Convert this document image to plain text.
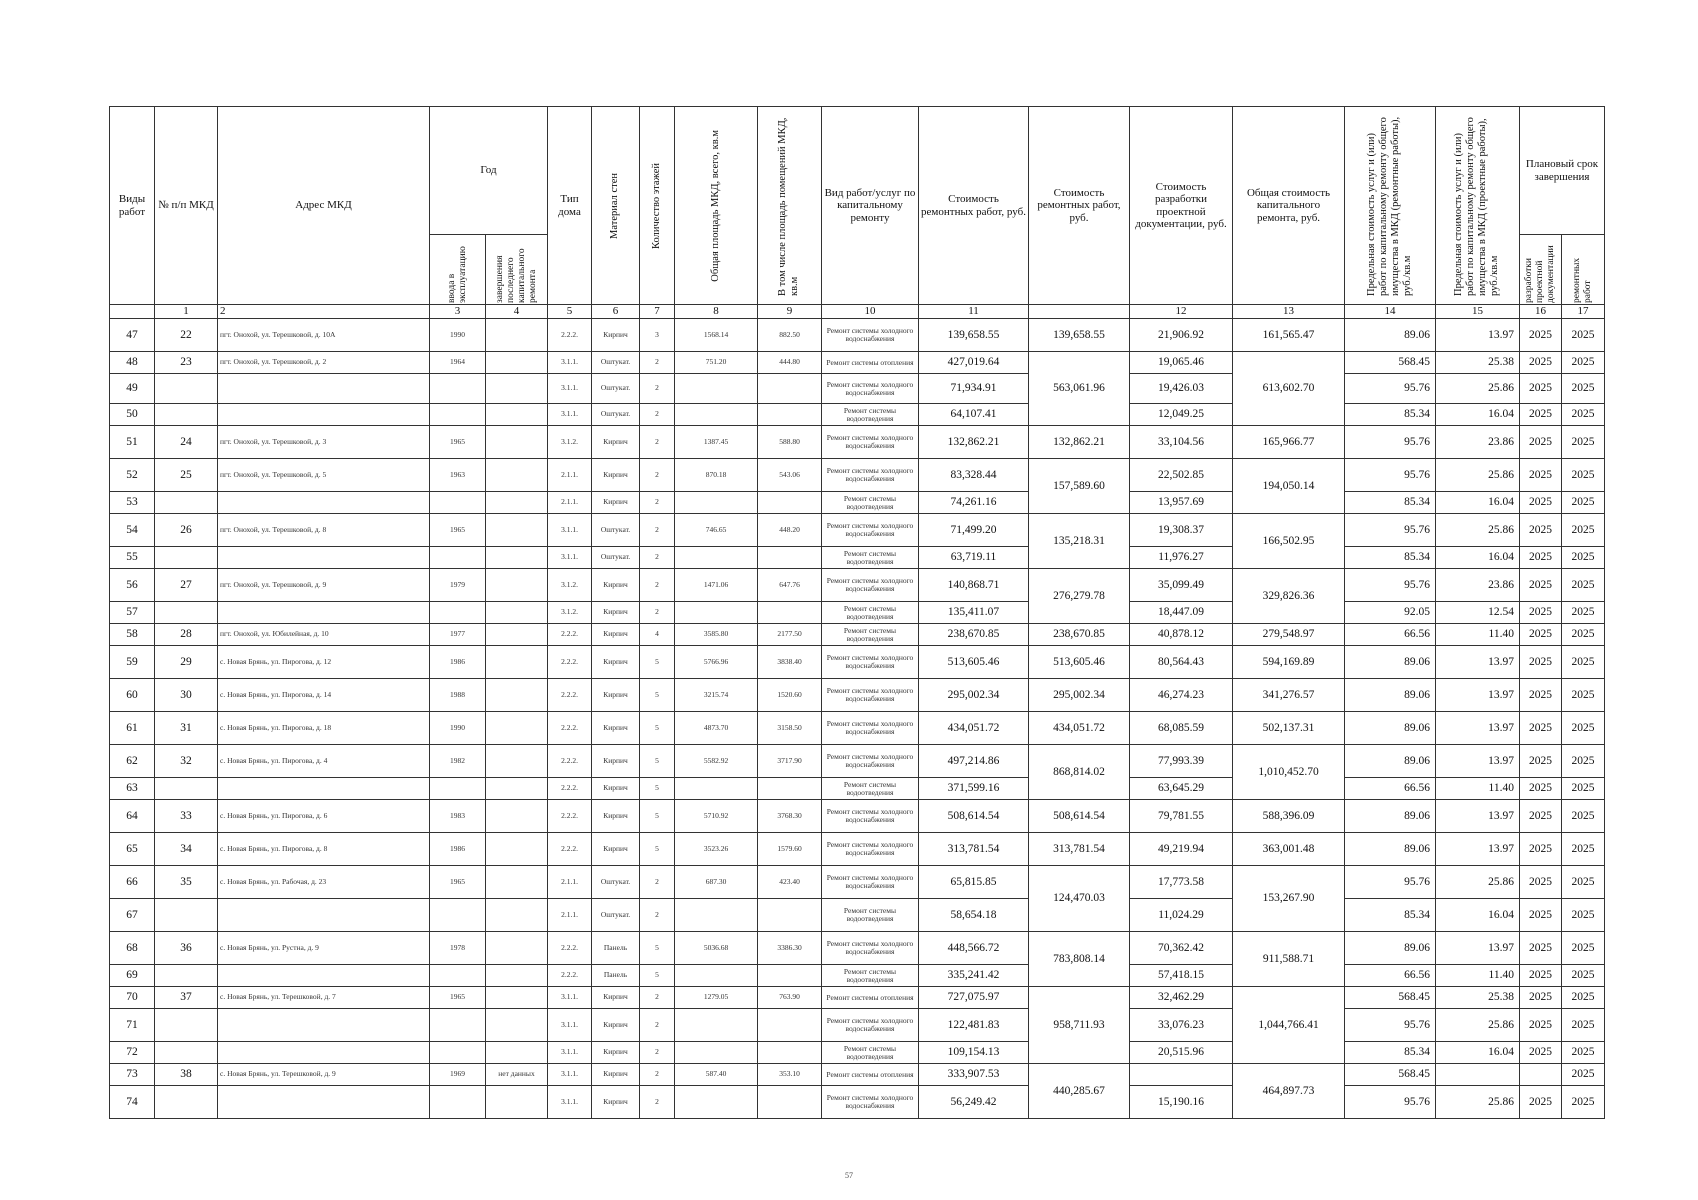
Виды работ	№ п/п МКД	Адрес МКД	Год		Тип дома	Материал стен	Количество этажей	Общая площадь МКД, всего, кв.м	В том числе площадь помещений МКД, кв.м	Вид работ/услуг по капитальному ремонту	Стоимость ремонтных работ, руб.	Стоимость ремонтных работ, руб.	Стоимость разработки проектной документации, руб.	Общая стоимость капитального ремонта, руб.	Предельная стоимость услуг и (или) работ по капитальному ремонту общего имущества в МКД (ремонтные работы), руб./кв.м	Предельная стоимость услуг и (или) работ по капитальному ремонту общего имущества в МКД (проектные работы), руб./кв.м	Плановый срок завершения	

			ввода в эксплуатацию	завершения последнего капитального ремонта													разработки проектной документации	ремонтных работ

	1	2	3	4	5	6	7	8	9	10	11		12	13	14	15	16	17
47	22	пгт. Онохой, ул. Терешковой, д. 10А	1990		2.2.2.	Кирпич	3	1568.14	882.50	Ремонт системы холодного водоснабжения	139,658.55	139,658.55	21,906.92	161,565.47	89.06	13.97	2025	2025
48	23	пгт. Онохой, ул. Терешковой, д. 2	1964		3.1.1.	Оштукат.	2	751.20	444.80	Ремонт системы отопления	427,019.64	563,061.96	19,065.46	613,602.70	568.45	25.38	2025	2025
49					3.1.1.	Оштукат.	2			Ремонт системы холодного водоснабжения	71,934.91		19,426.03		95.76	25.86	2025	2025
50					3.1.1.	Оштукат.	2			Ремонт системы водоотведения	64,107.41		12,049.25		85.34	16.04	2025	2025
51	24	пгт. Онохой, ул. Терешковой, д. 3	1965		3.1.2.	Кирпич	2	1387.45	588.80	Ремонт системы холодного водоснабжения	132,862.21	132,862.21	33,104.56	165,966.77	95.76	23.86	2025	2025
52	25	пгт. Онохой, ул. Терешковой, д. 5	1963		2.1.1.	Кирпич	2	870.18	543.06	Ремонт системы холодного водоснабжения	83,328.44	157,589.60	22,502.85	194,050.14	95.76	25.86	2025	2025
53					2.1.1.	Кирпич	2			Ремонт системы водоотведения	74,261.16		13,957.69		85.34	16.04	2025	2025
54	26	пгт. Онохой, ул. Терешковой, д. 8	1965		3.1.1.	Оштукат.	2	746.65	448.20	Ремонт системы холодного водоснабжения	71,499.20	135,218.31	19,308.37	166,502.95	95.76	25.86	2025	2025
55					3.1.1.	Оштукат.	2			Ремонт системы водоотведения	63,719.11		11,976.27		85.34	16.04	2025	2025
56	27	пгт. Онохой, ул. Терешковой, д. 9	1979		3.1.2.	Кирпич	2	1471.06	647.76	Ремонт системы холодного водоснабжения	140,868.71	276,279.78	35,099.49	329,826.36	95.76	23.86	2025	2025
57					3.1.2.	Кирпич	2			Ремонт системы водоотведения	135,411.07		18,447.09		92.05	12.54	2025	2025
58	28	пгт. Онохой, ул. Юбилейная, д. 10	1977		2.2.2.	Кирпич	4	3585.80	2177.50	Ремонт системы водоотведения	238,670.85	238,670.85	40,878.12	279,548.97	66.56	11.40	2025	2025
59	29	с. Новая Брянь, ул. Пирогова, д. 12	1986		2.2.2.	Кирпич	5	5766.96	3838.40	Ремонт системы холодного водоснабжения	513,605.46	513,605.46	80,564.43	594,169.89	89.06	13.97	2025	2025
60	30	с. Новая Брянь, ул. Пирогова, д. 14	1988		2.2.2.	Кирпич	5	3215.74	1520.60	Ремонт системы холодного водоснабжения	295,002.34	295,002.34	46,274.23	341,276.57	89.06	13.97	2025	2025
61	31	с. Новая Брянь, ул. Пирогова, д. 18	1990		2.2.2.	Кирпич	5	4873.70	3158.50	Ремонт системы холодного водоснабжения	434,051.72	434,051.72	68,085.59	502,137.31	89.06	13.97	2025	2025
62	32	с. Новая Брянь, ул. Пирогова, д. 4	1982		2.2.2.	Кирпич	5	5582.92	3717.90	Ремонт системы холодного водоснабжения	497,214.86	868,814.02	77,993.39	1,010,452.70	89.06	13.97	2025	2025
63					2.2.2.	Кирпич	5			Ремонт системы водоотведения	371,599.16		63,645.29		66.56	11.40	2025	2025
64	33	с. Новая Брянь, ул. Пирогова, д. 6	1983		2.2.2.	Кирпич	5	5710.92	3768.30	Ремонт системы холодного водоснабжения	508,614.54	508,614.54	79,781.55	588,396.09	89.06	13.97	2025	2025
65	34	с. Новая Брянь, ул. Пирогова, д. 8	1986		2.2.2.	Кирпич	5	3523.26	1579.60	Ремонт системы холодного водоснабжения	313,781.54	313,781.54	49,219.94	363,001.48	89.06	13.97	2025	2025
66	35	с. Новая Брянь, ул. Рабочая, д. 23	1965		2.1.1.	Оштукат.	2	687.30	423.40	Ремонт системы холодного водоснабжения	65,815.85	124,470.03	17,773.58	153,267.90	95.76	25.86	2025	2025
67					2.1.1.	Оштукат.	2			Ремонт системы водоотведения	58,654.18		11,024.29		85.34	16.04	2025	2025
68	36	с. Новая Брянь, ул. Рустна, д. 9	1978		2.2.2.	Панель	5	5036.68	3386.30	Ремонт системы холодного водоснабжения	448,566.72	783,808.14	70,362.42	911,588.71	89.06	13.97	2025	2025
69					2.2.2.	Панель	5			Ремонт системы водоотведения	335,241.42		57,418.15		66.56	11.40	2025	2025
70	37	с. Новая Брянь, ул. Терешковой, д. 7	1965		3.1.1.	Кирпич	2	1279.05	763.90	Ремонт системы отопления	727,075.97	958,711.93	32,462.29	1,044,766.41	568.45	25.38	2025	2025
71					3.1.1.	Кирпич	2			Ремонт системы холодного водоснабжения	122,481.83		33,076.23		95.76	25.86	2025	2025
72					3.1.1.	Кирпич	2			Ремонт системы водоотведения	109,154.13		20,515.96		85.34	16.04	2025	2025
73	38	с. Новая Брянь, ул. Терешковой, д. 9	1969	нет данных	3.1.1.	Кирпич	2	587.40	353.10	Ремонт системы отопления	333,907.53	440,285.67		464,897.73	568.45			2025
74					3.1.1.	Кирпич	2			Ремонт системы холодного водоснабжения	56,249.42		15,190.16		95.76	25.86	2025	2025
57
